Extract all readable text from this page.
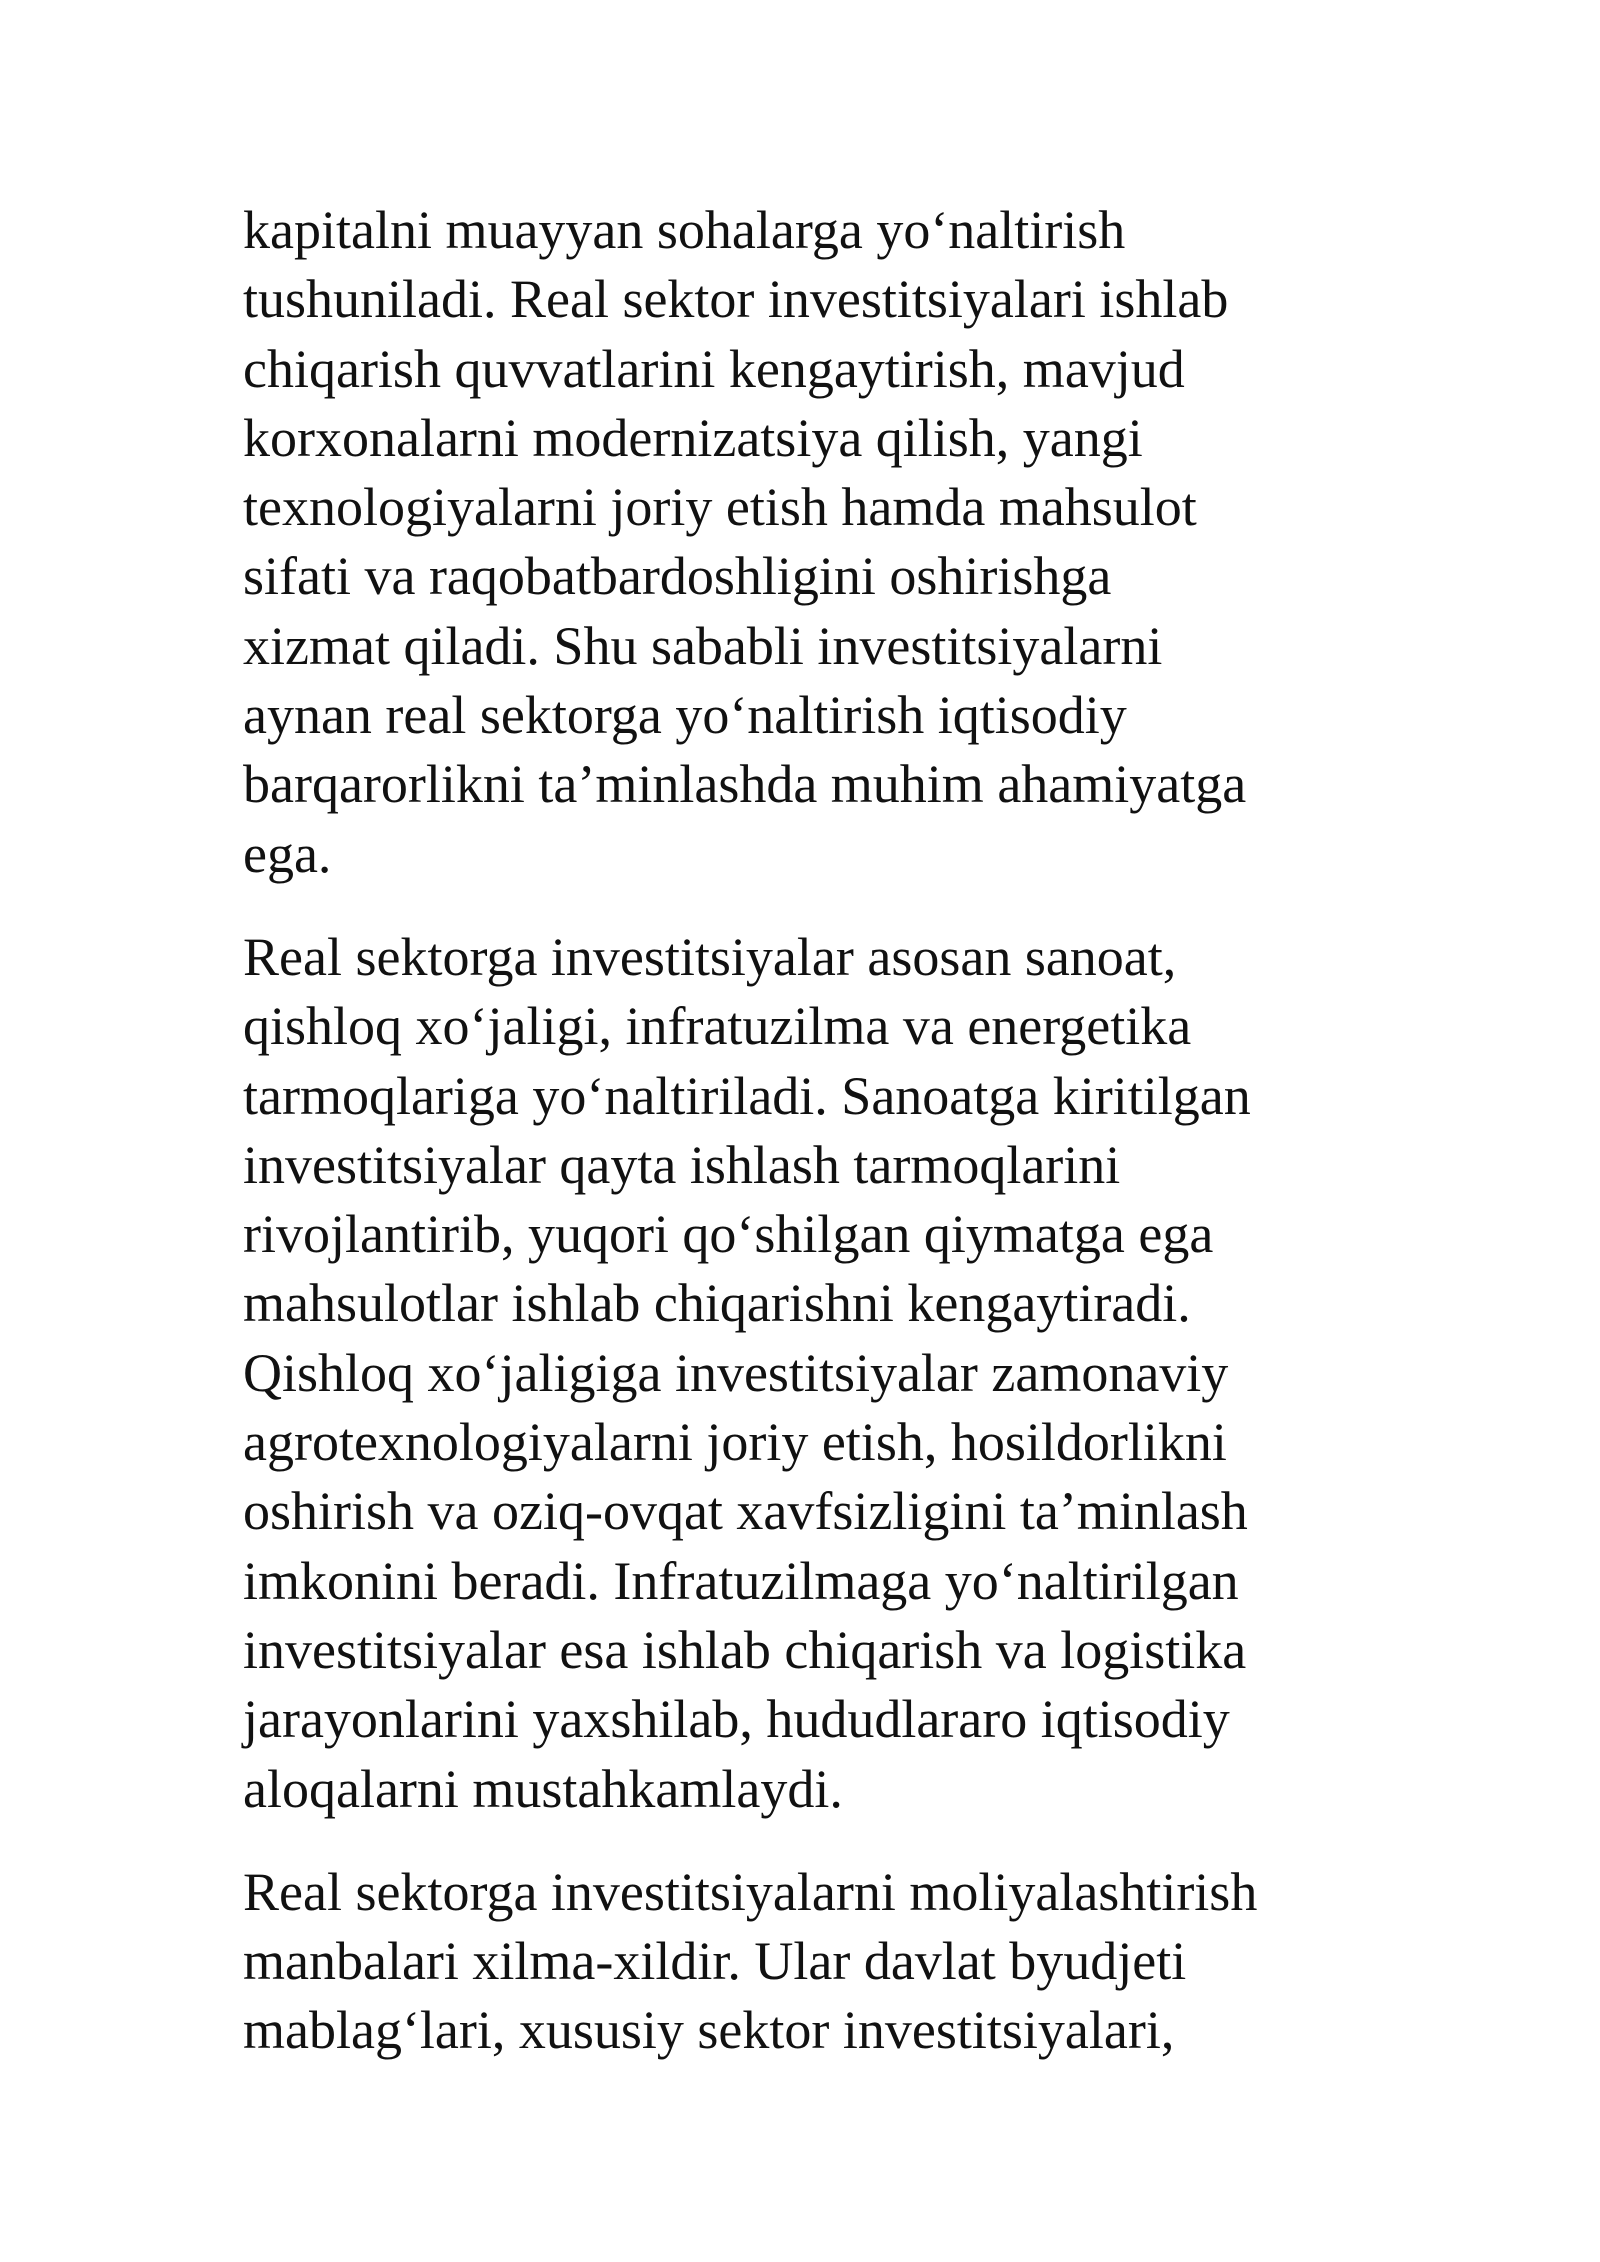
kapitalni muayyan sohalarga yo‘naltirish
tushuniladi. Real sektor investitsiyalari ishlab
chiqarish quvvatlarini kengaytirish, mavjud
korxonalarni modernizatsiya qilish, yangi
texnologiyalarni joriy etish hamda mahsulot
sifati va raqobatbardoshligini oshirishga
xizmat qiladi. Shu sababli investitsiyalarni
aynan real sektorga yo‘naltirish iqtisodiy
barqarorlikni ta’minlashda muhim ahamiyatga
ega.

Real sektorga investitsiyalar asosan sanoat,
qishloq xo‘jaligi, infratuzilma va energetika
tarmoqlariga yo‘naltiriladi. Sanoatga kiritilgan
investitsiyalar qayta ishlash tarmoqlarini
rivojlantirib, yuqori qo‘shilgan qiymatga ega
mahsulotlar ishlab chiqarishni kengaytiradi.
Qishloq xo‘jaligiga investitsiyalar zamonaviy
agrotexnologiyalarni joriy etish, hosildorlikni
oshirish va oziq-ovqat xavfsizligini ta’minlash
imkonini beradi. Infratuzilmaga yo‘naltirilgan
investitsiyalar esa ishlab chiqarish va logistika
jarayonlarini yaxshilab, hududlararo iqtisodiy
aloqalarni mustahkamlaydi.

Real sektorga investitsiyalarni moliyalashtirish
manbalari xilma-xildir. Ular davlat byudjeti
mablag‘lari, xususiy sektor investitsiyalari,
